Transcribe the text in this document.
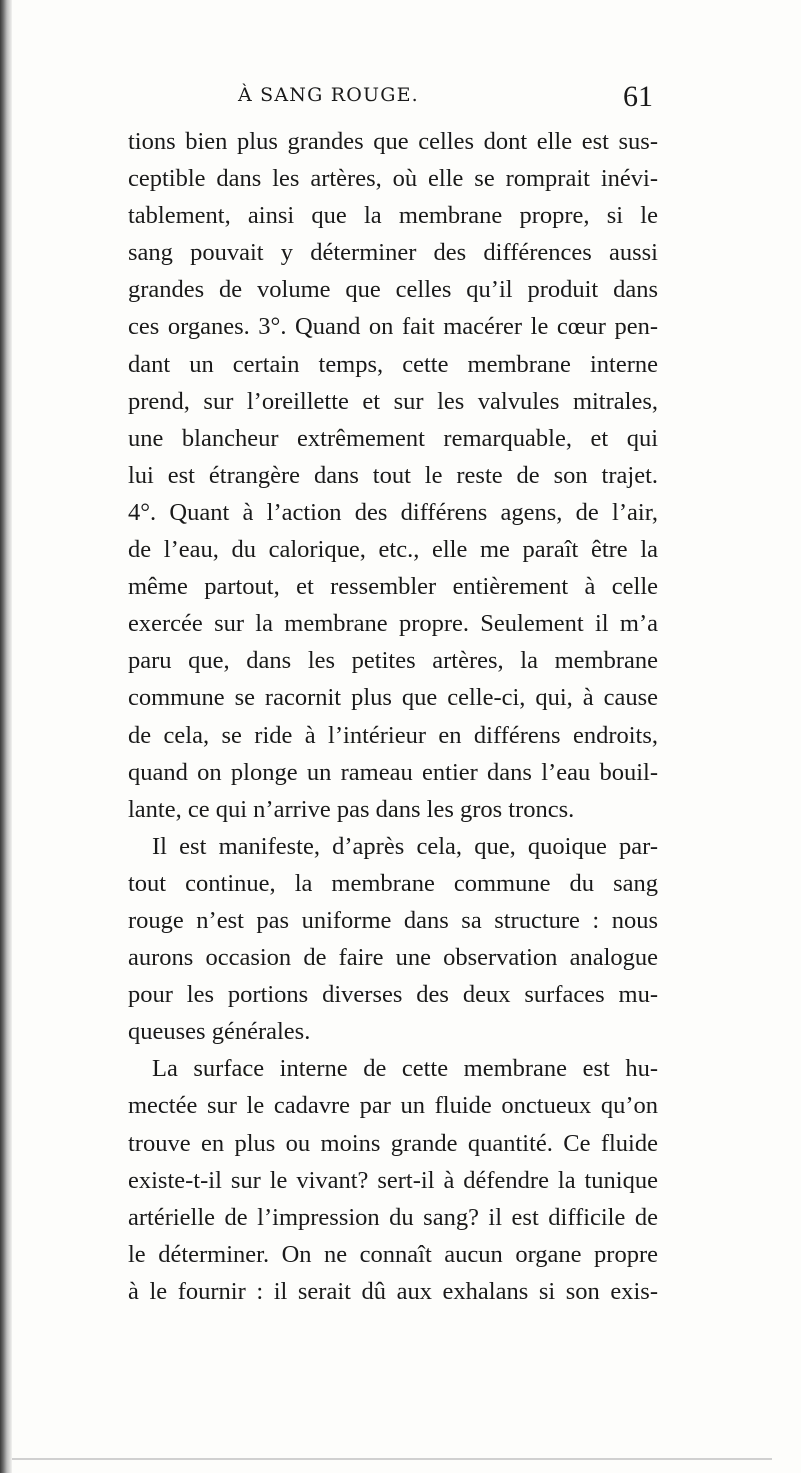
À SANG ROUGE.	61
tions bien plus grandes que celles dont elle est sus-
ceptible dans les artères, où elle se romprait inévi-
tablement, ainsi que la membrane propre, si le
sang pouvait y déterminer des différences aussi
grandes de volume que celles qu’il produit dans
ces organes. 3°. Quand on fait macérer le cœur pen-
dant un certain temps, cette membrane interne
prend, sur l’oreillette et sur les valvules mitrales,
une blancheur extrêmement remarquable, et qui
lui est étrangère dans tout le reste de son trajet.
4°. Quant à l’action des différens agens, de l’air,
de l’eau, du calorique, etc., elle me paraît être la
même partout, et ressembler entièrement à celle
exercée sur la membrane propre. Seulement il m’a
paru que, dans les petites artères, la membrane
commune se racornit plus que celle-ci, qui, à cause
de cela, se ride à l’intérieur en différens endroits,
quand on plonge un rameau entier dans l’eau bouil-
lante, ce qui n’arrive pas dans les gros troncs.
Il est manifeste, d’après cela, que, quoique par-
tout continue, la membrane commune du sang
rouge n’est pas uniforme dans sa structure : nous
aurons occasion de faire une observation analogue
pour les portions diverses des deux surfaces mu-
queuses générales.
La surface interne de cette membrane est hu-
mectée sur le cadavre par un fluide onctueux qu’on
trouve en plus ou moins grande quantité. Ce fluide
existe-t-il sur le vivant? sert-il à défendre la tunique
artérielle de l’impression du sang? il est difficile de
le déterminer. On ne connaît aucun organe propre
à le fournir : il serait dû aux exhalans si son exis-
